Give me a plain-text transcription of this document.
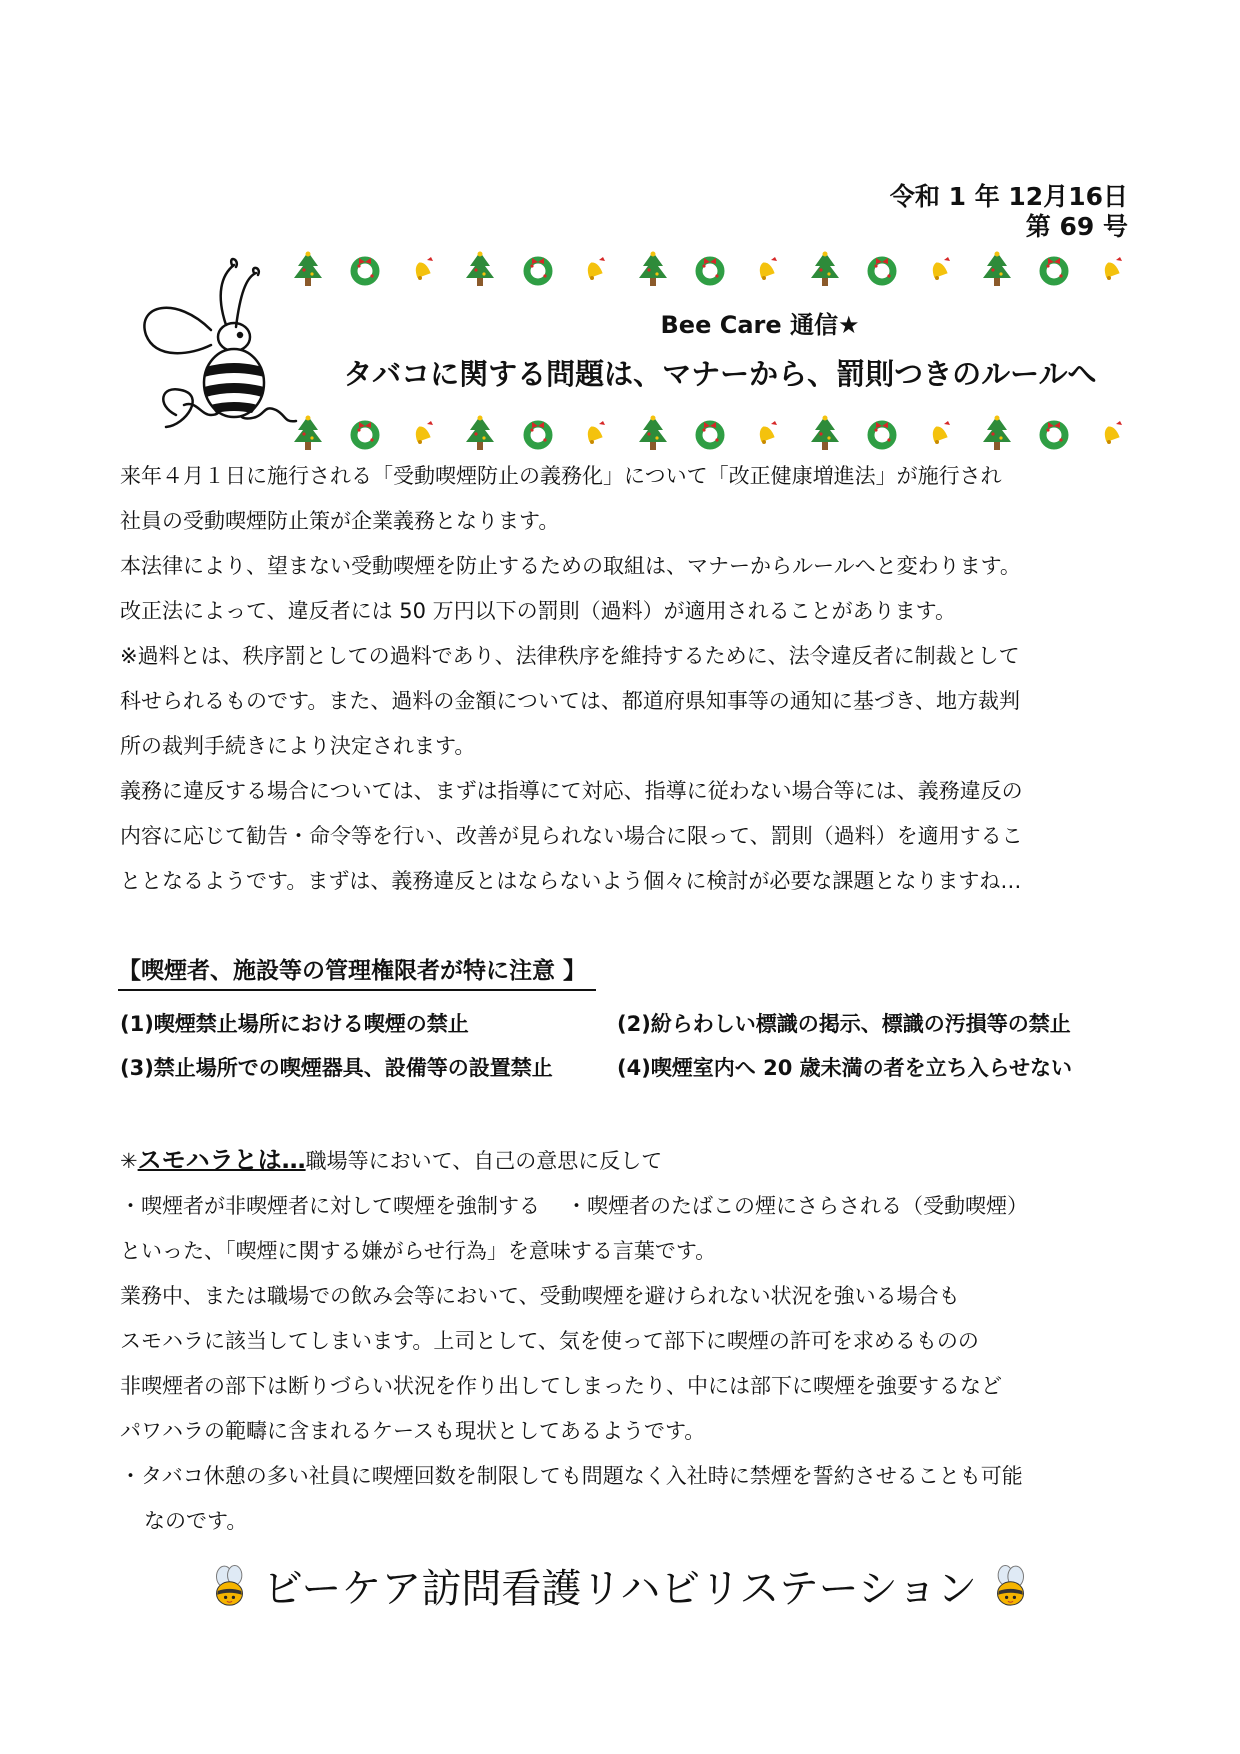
令和 1 年 12月16日
第 69 号
Bee Care 通信★
タバコに関する問題は、マナーから、罰則つきのルールへ
来年４月１日に施行される「受動喫煙防止の義務化」について「改正健康増進法」が施行され
社員の受動喫煙防止策が企業義務となります。
本法律により、望まない受動喫煙を防止するための取組は、マナーからルールへと変わります。
改正法によって、違反者には 50 万円以下の罰則（過料）が適用されることがあります。
※過料とは、秩序罰としての過料であり、法律秩序を維持するために、法令違反者に制裁として
科せられるものです。また、過料の金額については、都道府県知事等の通知に基づき、地方裁判
所の裁判手続きにより決定されます。
義務に違反する場合については、まずは指導にて対応、指導に従わない場合等には、義務違反の
内容に応じて勧告・命令等を行い、改善が見られない場合に限って、罰則（過料）を適用するこ
ととなるようです。まずは、義務違反とはならないよう個々に検討が必要な課題となりますね…
【喫煙者、施設等の管理権限者が特に注意 】
(1)喫煙禁止場所における喫煙の禁止	(2)紛らわしい標識の掲示、標識の汚損等の禁止
(3)禁止場所での喫煙器具、設備等の設置禁止	(4)喫煙室内へ 20 歳未満の者を立ち入らせない
✳スモハラとは…職場等において、自己の意思に反して
・喫煙者が非喫煙者に対して喫煙を強制する ・喫煙者のたばこの煙にさらされる（受動喫煙）
といった、「喫煙に関する嫌がらせ行為」を意味する言葉です。
業務中、または職場での飲み会等において、受動喫煙を避けられない状況を強いる場合も
スモハラに該当してしまいます。上司として、気を使って部下に喫煙の許可を求めるものの
非喫煙者の部下は断りづらい状況を作り出してしまったり、中には部下に喫煙を強要するなど
パワハラの範疇に含まれるケースも現状としてあるようです。
・タバコ休憩の多い社員に喫煙回数を制限しても問題なく入社時に禁煙を誓約させることも可能
なのです。
ビーケア訪問看護リハビリステーション
